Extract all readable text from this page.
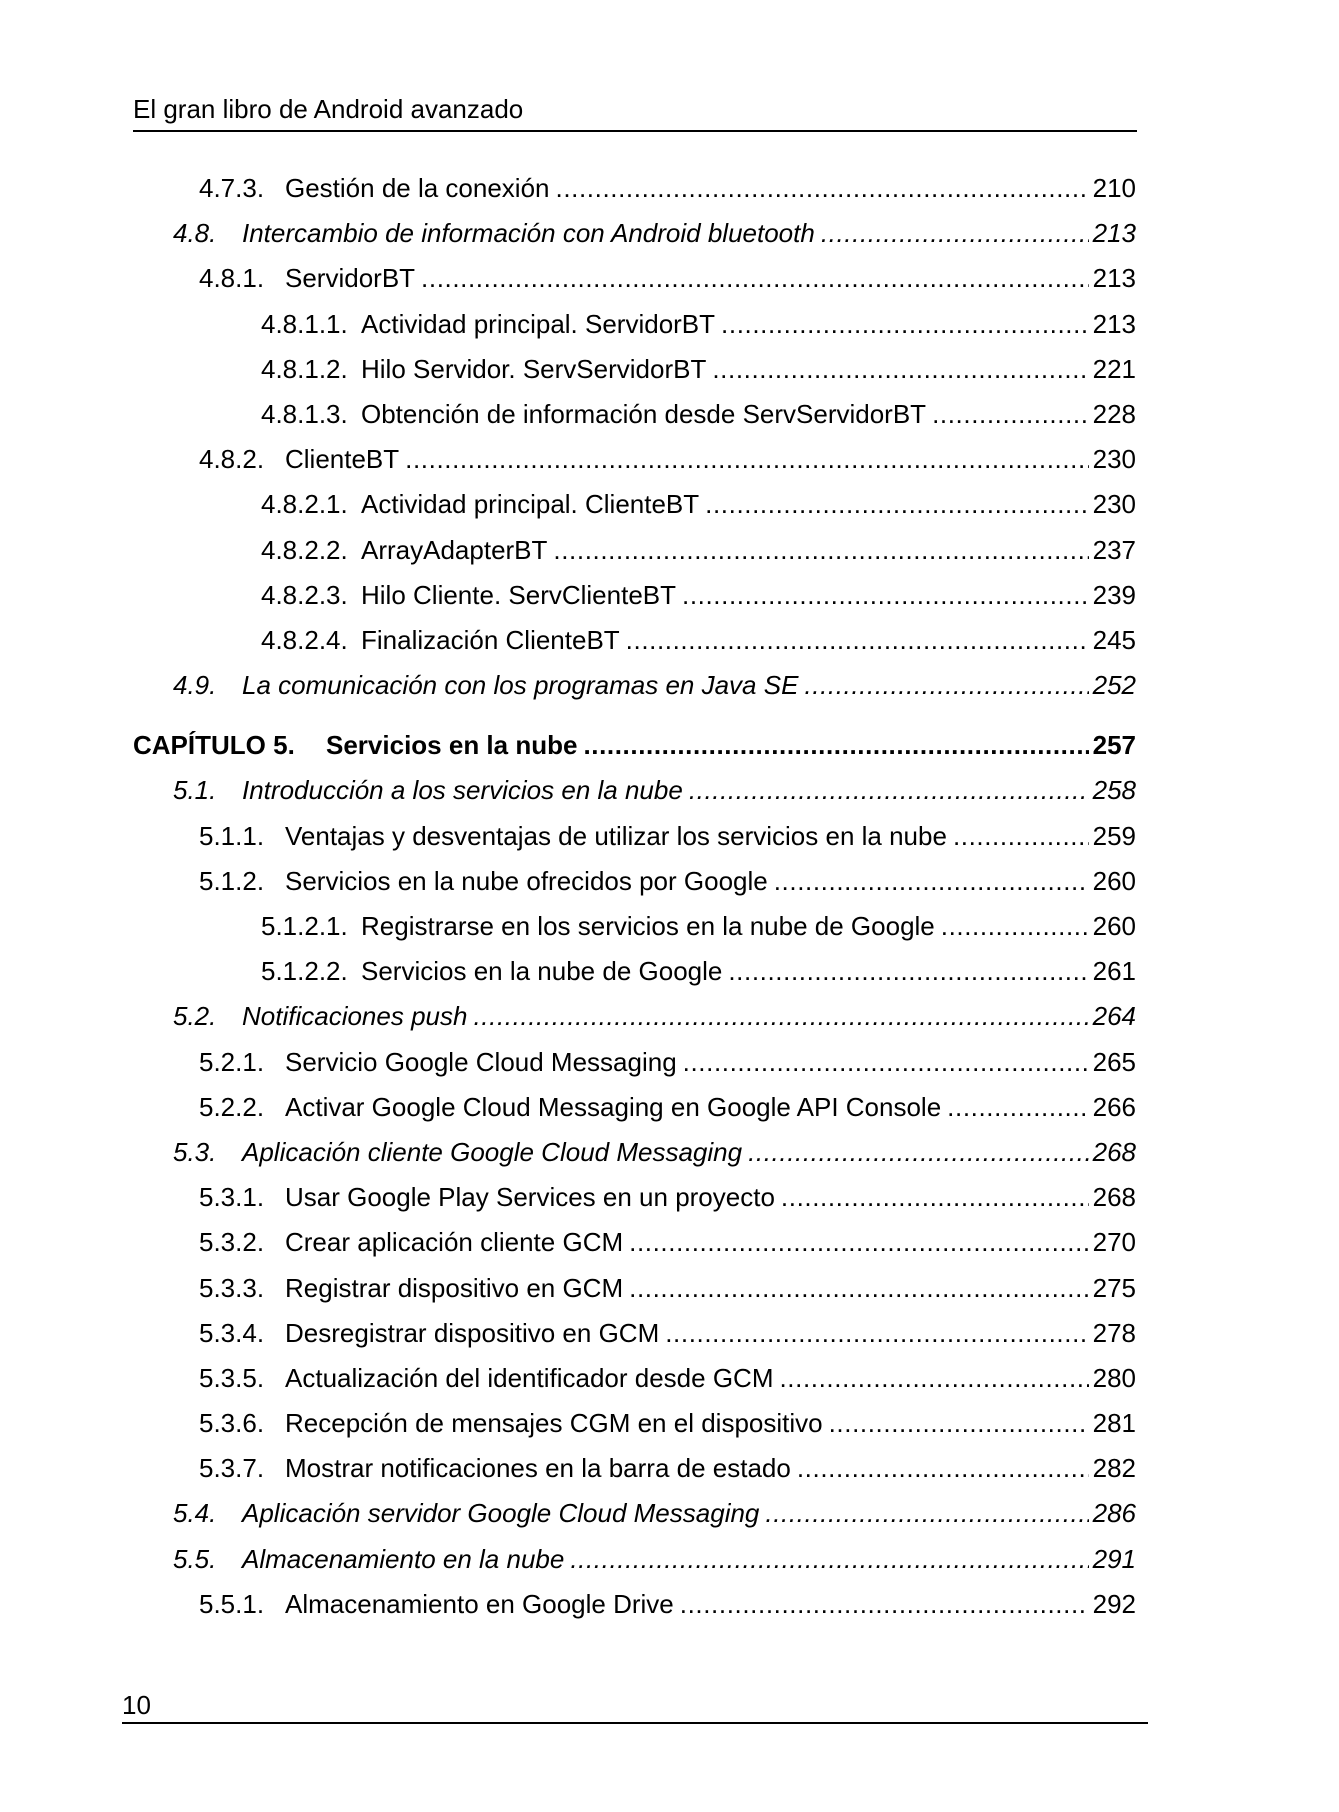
El gran libro de Android avanzado
4.7.3. Gestión de la conexión .....	210
4.8. Intercambio de información con Android bluetooth .....	213
4.8.1. ServidorBT .....	213
4.8.1.1. Actividad principal. ServidorBT .....	213
4.8.1.2. Hilo Servidor. ServServidorBT .....	221
4.8.1.3. Obtención de información desde ServServidorBT .....	228
4.8.2. ClienteBT .....	230
4.8.2.1. Actividad principal. ClienteBT .....	230
4.8.2.2. ArrayAdapterBT .....	237
4.8.2.3. Hilo Cliente. ServClienteBT .....	239
4.8.2.4. Finalización ClienteBT .....	245
4.9. La comunicación con los programas en Java SE .....	252
CAPÍTULO 5.	Servicios en la nube .....	257
5.1. Introducción a los servicios en la nube .....	258
5.1.1. Ventajas y desventajas de utilizar los servicios en la nube .....	259
5.1.2. Servicios en la nube ofrecidos por Google .....	260
5.1.2.1. Registrarse en los servicios en la nube de Google .....	260
5.1.2.2. Servicios en la nube de Google .....	261
5.2. Notificaciones push .....	264
5.2.1. Servicio Google Cloud Messaging .....	265
5.2.2. Activar Google Cloud Messaging en Google API Console .....	266
5.3. Aplicación cliente Google Cloud Messaging .....	268
5.3.1. Usar Google Play Services en un proyecto .....	268
5.3.2. Crear aplicación cliente GCM .....	270
5.3.3. Registrar dispositivo en GCM .....	275
5.3.4. Desregistrar dispositivo en GCM .....	278
5.3.5. Actualización del identificador desde GCM .....	280
5.3.6. Recepción de mensajes CGM en el dispositivo .....	281
5.3.7. Mostrar notificaciones en la barra de estado .....	282
5.4. Aplicación servidor Google Cloud Messaging .....	286
5.5. Almacenamiento en la nube .....	291
5.5.1. Almacenamiento en Google Drive .....	292
10
